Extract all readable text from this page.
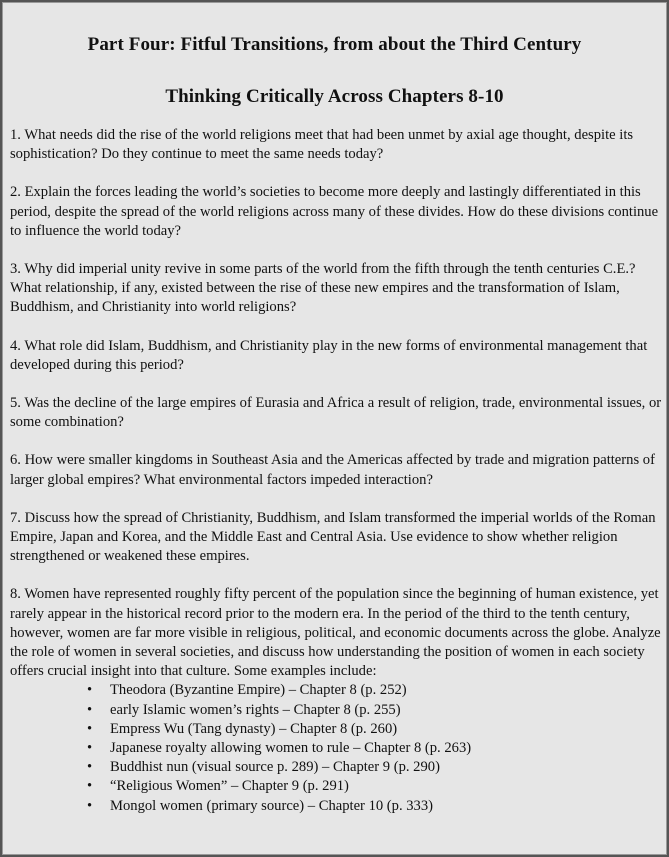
Part Four: Fitful Transitions, from about the Third Century
Thinking Critically Across Chapters 8-10

1. What needs did the rise of the world religions meet that had been unmet by axial age thought, despite its sophistication? Do they continue to meet the same needs today?

2. Explain the forces leading the world’s societies to become more deeply and lastingly differentiated in this period, despite the spread of the world religions across many of these divides. How do these divisions continue to influence the world today?

3. Why did imperial unity revive in some parts of the world from the fifth through the tenth centuries C.E.? What relationship, if any, existed between the rise of these new empires and the transformation of Islam, Buddhism, and Christianity into world religions?

4. What role did Islam, Buddhism, and Christianity play in the new forms of environmental management that developed during this period?

5. Was the decline of the large empires of Eurasia and Africa a result of religion, trade, environmental issues, or some combination?

6. How were smaller kingdoms in Southeast Asia and the Americas affected by trade and migration patterns of larger global empires? What environmental factors impeded interaction?

7. Discuss how the spread of Christianity, Buddhism, and Islam transformed the imperial worlds of the Roman Empire, Japan and Korea, and the Middle East and Central Asia. Use evidence to show whether religion strengthened or weakened these empires.

8. Women have represented roughly fifty percent of the population since the beginning of human existence, yet rarely appear in the historical record prior to the modern era. In the period of the third to the tenth century, however, women are far more visible in religious, political, and economic documents across the globe. Analyze the role of women in several societies, and discuss how understanding the position of women in each society offers crucial insight into that culture. Some examples include:

• Theodora (Byzantine Empire) – Chapter 8 (p. 252)
• early Islamic women’s rights – Chapter 8 (p. 255)
• Empress Wu (Tang dynasty) – Chapter 8 (p. 260)
• Japanese royalty allowing women to rule – Chapter 8 (p. 263)
• Buddhist nun (visual source p. 289) – Chapter 9 (p. 290)
• “Religious Women” – Chapter 9 (p. 291)
• Mongol women (primary source) – Chapter 10 (p. 333)
